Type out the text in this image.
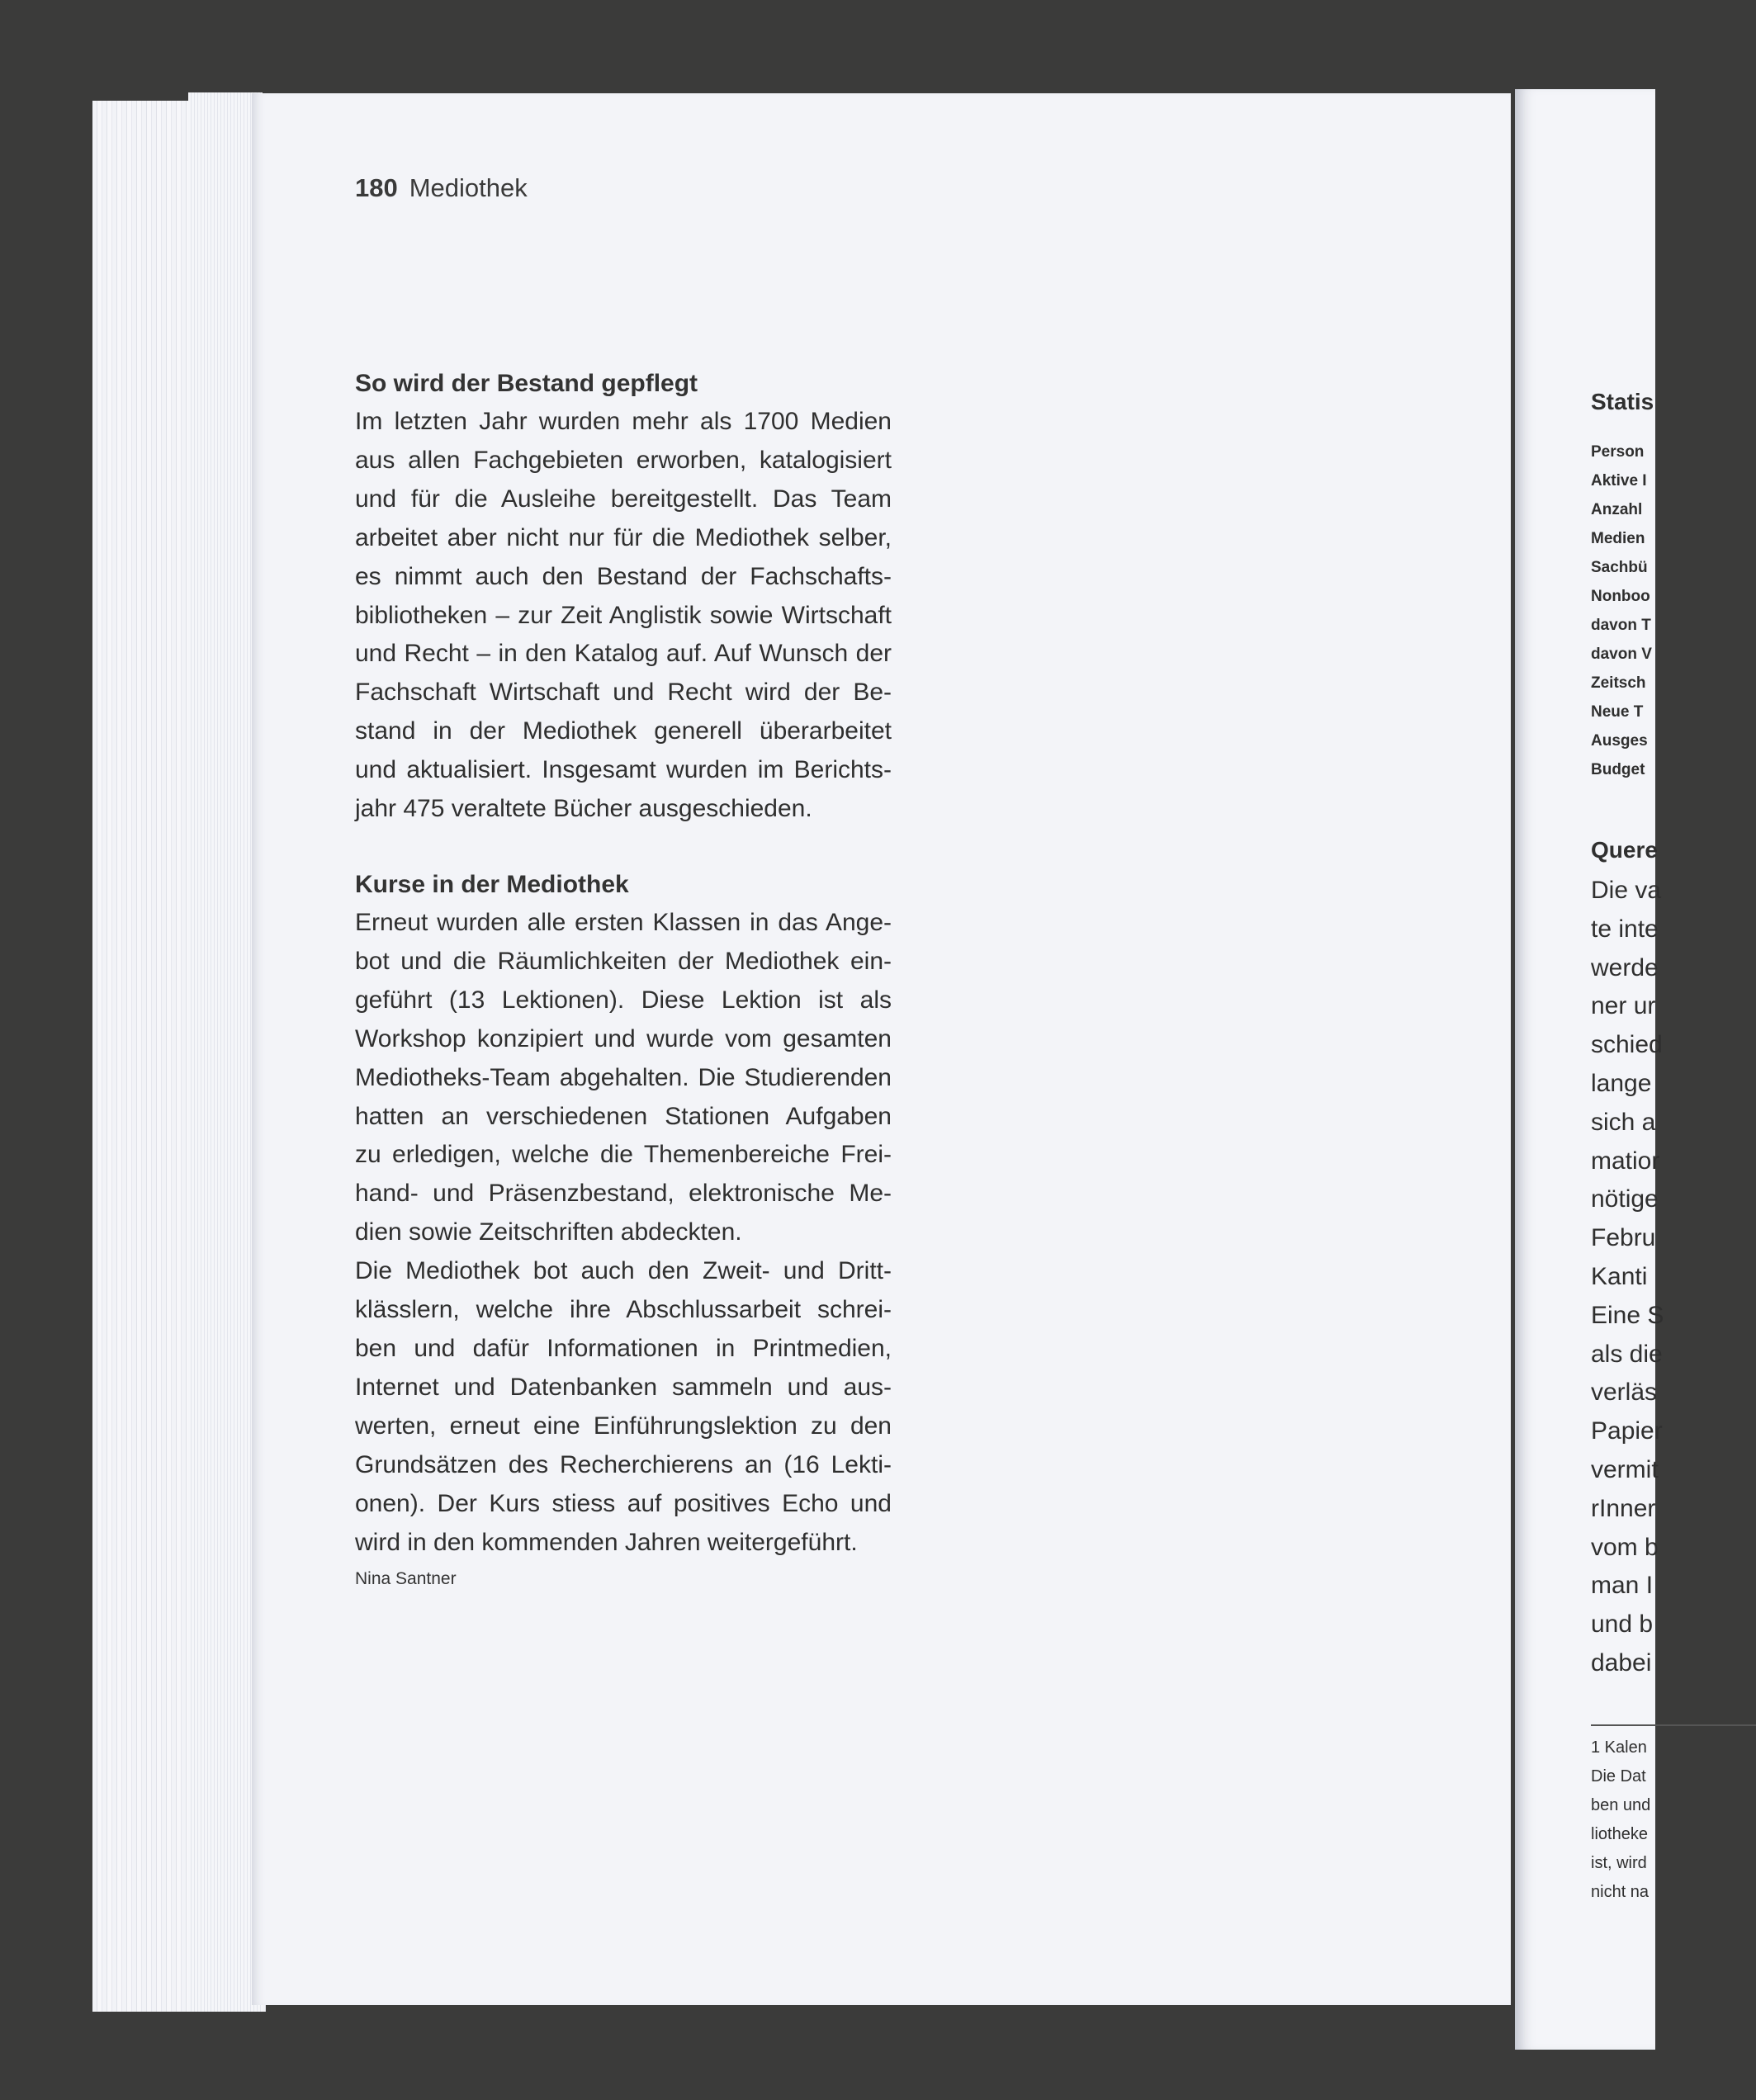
Statis
Person
Aktive I
Anzahl
Medien
Sachbü
Nonboo
davon T
davon V
Zeitsch
Neue T
Ausges
Budget
Quere
Die va
te inte
werde
ner ur
schied
lange
sich a
matior
nötige
Febru
Kanti
Eine S
als die
verläs
Papier
vermit
rInner
vom b
man I
und b
dabei
1 Kalen
Die Dat
ben und
liotheke
ist, wird
nicht na
180 Mediothek
So wird der Bestand gepflegt
Im letzten Jahr wurden mehr als 1700 Medien
aus allen Fachgebieten erworben, katalogisiert
und für die Ausleihe bereitgestellt. Das Team
arbeitet aber nicht nur für die Mediothek selber,
es nimmt auch den Bestand der Fachschafts-
bibliotheken – zur Zeit Anglistik sowie Wirtschaft
und Recht – in den Katalog auf. Auf Wunsch der
Fachschaft Wirtschaft und Recht wird der Be-
stand in der Mediothek generell überarbeitet
und aktualisiert. Insgesamt wurden im Berichts-
jahr 475 veraltete Bücher ausgeschieden.
Kurse in der Mediothek
Erneut wurden alle ersten Klassen in das Ange-
bot und die Räumlichkeiten der Mediothek ein-
geführt (13 Lektionen). Diese Lektion ist als
Workshop konzipiert und wurde vom gesamten
Mediotheks-Team abgehalten. Die Studierenden
hatten an verschiedenen Stationen Aufgaben
zu erledigen, welche die Themenbereiche Frei-
hand- und Präsenzbestand, elektronische Me-
dien sowie Zeitschriften abdeckten.
Die Mediothek bot auch den Zweit- und Dritt-
klässlern, welche ihre Abschlussarbeit schrei-
ben und dafür Informationen in Printmedien,
Internet und Datenbanken sammeln und aus-
werten, erneut eine Einführungslektion zu den
Grundsätzen des Recherchierens an (16 Lekti-
onen). Der Kurs stiess auf positives Echo und
wird in den kommenden Jahren weitergeführt.
Nina Santner
